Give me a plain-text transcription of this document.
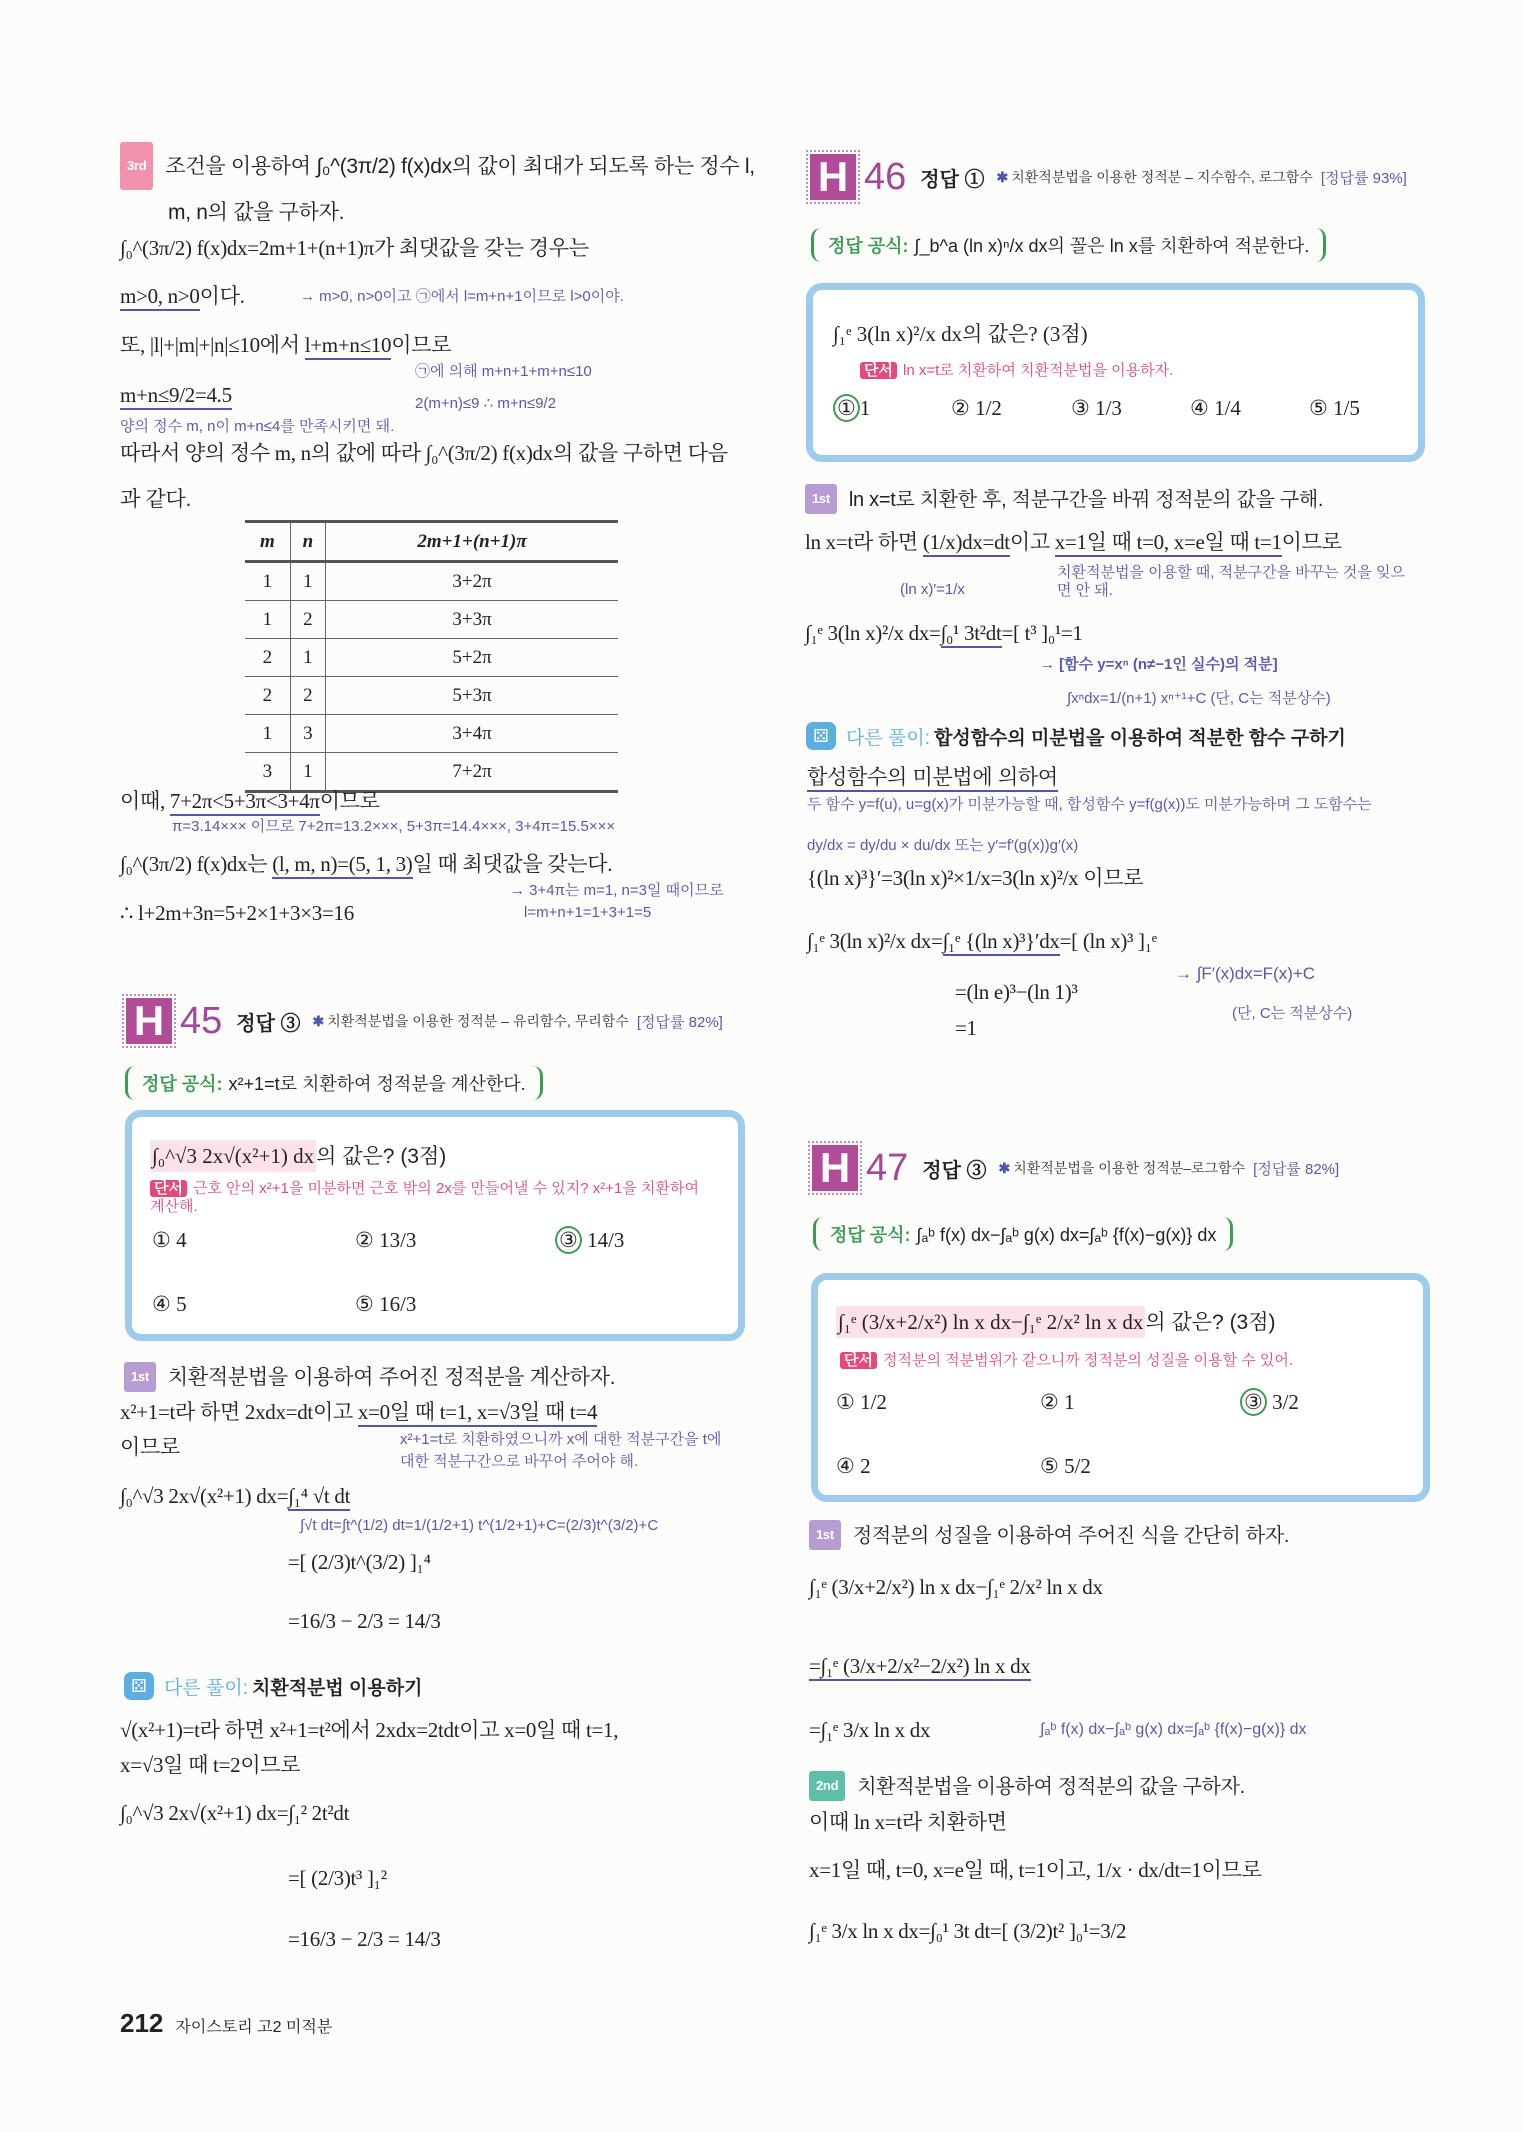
3rd 조건을 이용하여 ∫₀^(3π/2) f(x)dx의 값이 최대가 되도록 하는 정수 l, m, n의 값을 구하자.
∫₀^(3π/2) f(x)dx=2m+1+(n+1)π가 최댓값을 갖는 경우는
m>0, n>0이다.	→ m>0, n>0이고 ㉠에서 l=m+n+1이므로 l>0이야.
또, |l|+|m|+|n|≤10에서 l+m+n≤10이므로
㉠에 의해 m+n+1+m+n≤10
m+n≤9/2=4.5	2(m+n)≤9 ∴ m+n≤9/2
양의 정수 m, n이 m+n≤4를 만족시키면 돼.
따라서 양의 정수 m, n의 값에 따라 ∫₀^(3π/2) f(x)dx의 값을 구하면 다음
과 같다.
m	n	2m+1+(n+1)π
1	1	3+2π
1	2	3+3π
2	1	5+2π
2	2	5+3π
1	3	3+4π
3	1	7+2π
이때, 7+2π<5+3π<3+4π이므로
π=3.14××× 이므로 7+2π=13.2×××, 5+3π=14.4×××, 3+4π=15.5×××
∫₀^(3π/2) f(x)dx는 (l, m, n)=(5, 1, 3)일 때 최댓값을 갖는다.
→ 3+4π는 m=1, n=3일 때이므로
l=m+n+1=1+3+1=5
∴ l+2m+3n=5+2×1+3×3=16
H 45 정답 ③ ✱ 치환적분법을 이용한 정적분 – 유리함수, 무리함수 [정답률 82%]
정답 공식: x²+1=t로 치환하여 정적분을 계산한다.
∫₀^√3 2x√(x²+1) dx의 값은? (3점)
단서 근호 안의 x²+1을 미분하면 근호 밖의 2x를 만들어낼 수 있지? x²+1을 치환하여 계산해.
① 4	② 13/3	③ 14/3
④ 5	⑤ 16/3
1st 치환적분법을 이용하여 주어진 정적분을 계산하자.
x²+1=t라 하면 2xdx=dt이고 x=0일 때 t=1, x=√3일 때 t=4
이므로	x²+1=t로 치환하였으니까 x에 대한 적분구간을 t에
대한 적분구간으로 바꾸어 주어야 해.
∫₀^√3 2x√(x²+1) dx=∫₁⁴ √t dt
∫√t dt=∫t^(1/2) dt=1/(1/2+1) t^(1/2+1)+C=(2/3)t^(3/2)+C
=[ (2/3)t^(3/2) ]₁⁴
=16/3 − 2/3 = 14/3
⚄ 다른 풀이: 치환적분법 이용하기
√(x²+1)=t라 하면 x²+1=t²에서 2xdx=2tdt이고 x=0일 때 t=1,
x=√3일 때 t=2이므로
∫₀^√3 2x√(x²+1) dx=∫₁² 2t²dt
=[ (2/3)t³ ]₁²
=16/3 − 2/3 = 14/3
212 자이스토리 고2 미적분
H 46 정답 ① ✱ 치환적분법을 이용한 정적분 – 지수함수, 로그함수 [정답률 93%]
정답 공식: ∫_b^a (ln x)ⁿ/x dx의 꼴은 ln x를 치환하여 적분한다.
∫₁ᵉ 3(ln x)²/x dx의 값은? (3점)
단서 ln x=t로 치환하여 치환적분법을 이용하자.
① 1	② 1/2	③ 1/3	④ 1/4	⑤ 1/5
1st ln x=t로 치환한 후, 적분구간을 바꿔 정적분의 값을 구해.
ln x=t라 하면 (1/x)dx=dt이고 x=1일 때 t=0, x=e일 때 t=1이므로
(ln x)′=1/x
치환적분법을 이용할 때, 적분구간을 바꾸는 것을 잊으면 안 돼.
∫₁ᵉ 3(ln x)²/x dx=∫₀¹ 3t²dt=[ t³ ]₀¹=1
→ [함수 y=xⁿ (n≠−1인 실수)의 적분]
∫xⁿdx=1/(n+1) xⁿ⁺¹+C (단, C는 적분상수)
⚄ 다른 풀이: 합성함수의 미분법을 이용하여 적분한 함수 구하기
합성함수의 미분법에 의하여
두 함수 y=f(u), u=g(x)가 미분가능할 때, 합성함수 y=f(g(x))도 미분가능하며 그 도함수는
dy/dx = dy/du × du/dx 또는 y′=f′(g(x))g′(x)
{(ln x)³}′=3(ln x)²×1/x=3(ln x)²/x 이므로
∫₁ᵉ 3(ln x)²/x dx=∫₁ᵉ {(ln x)³}′dx=[ (ln x)³ ]₁ᵉ
=(ln e)³−(ln 1)³
→ ∫F′(x)dx=F(x)+C
(단, C는 적분상수)
=1
H 47 정답 ③ ✱ 치환적분법을 이용한 정적분–로그함수 [정답률 82%]
정답 공식: ∫ₐᵇ f(x) dx−∫ₐᵇ g(x) dx=∫ₐᵇ {f(x)−g(x)} dx
∫₁ᵉ (3/x+2/x²) ln x dx−∫₁ᵉ 2/x² ln x dx의 값은? (3점)
단서 정적분의 적분범위가 같으니까 정적분의 성질을 이용할 수 있어.
① 1/2	② 1	③ 3/2
④ 2	⑤ 5/2
1st 정적분의 성질을 이용하여 주어진 식을 간단히 하자.
∫₁ᵉ (3/x+2/x²) ln x dx−∫₁ᵉ 2/x² ln x dx
=∫₁ᵉ (3/x+2/x²−2/x²) ln x dx
=∫₁ᵉ 3/x ln x dx	∫ₐᵇ f(x) dx−∫ₐᵇ g(x) dx=∫ₐᵇ {f(x)−g(x)} dx
2nd 치환적분법을 이용하여 정적분의 값을 구하자.
이때 ln x=t라 치환하면
x=1일 때, t=0, x=e일 때, t=1이고, 1/x · dx/dt=1이므로
∫₁ᵉ 3/x ln x dx=∫₀¹ 3t dt=[ (3/2)t² ]₀¹=3/2
